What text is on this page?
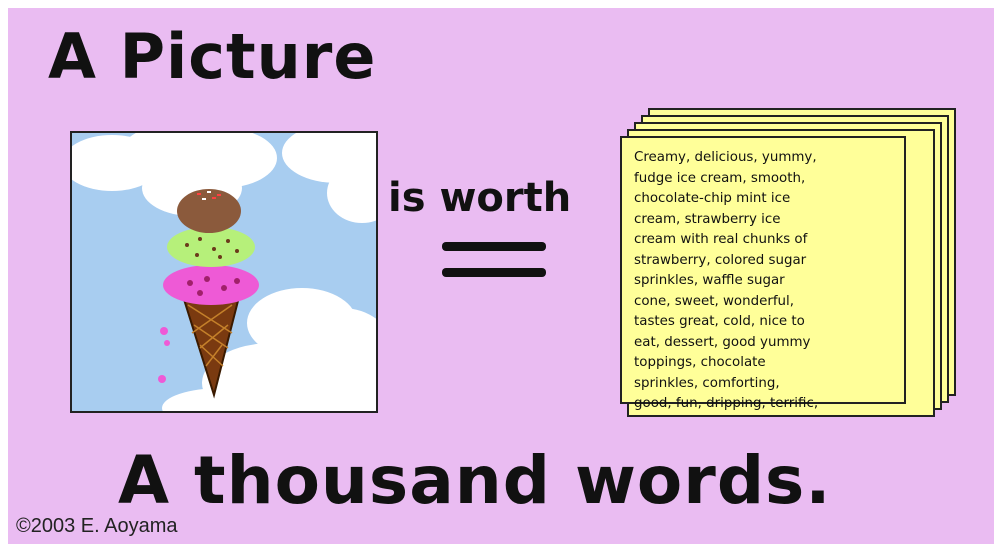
A Picture
is worth
Creamy, delicious, yummy,
fudge ice cream, smooth,
chocolate-chip mint ice
cream, strawberry ice
cream with real chunks of
strawberry, colored sugar
sprinkles, waffle sugar
cone, sweet, wonderful,
tastes great, cold, nice to
eat, dessert, good yummy
toppings, chocolate
sprinkles, comforting,
good, fun, dripping, terrific,
A thousand words.
©2003 E. Aoyama
